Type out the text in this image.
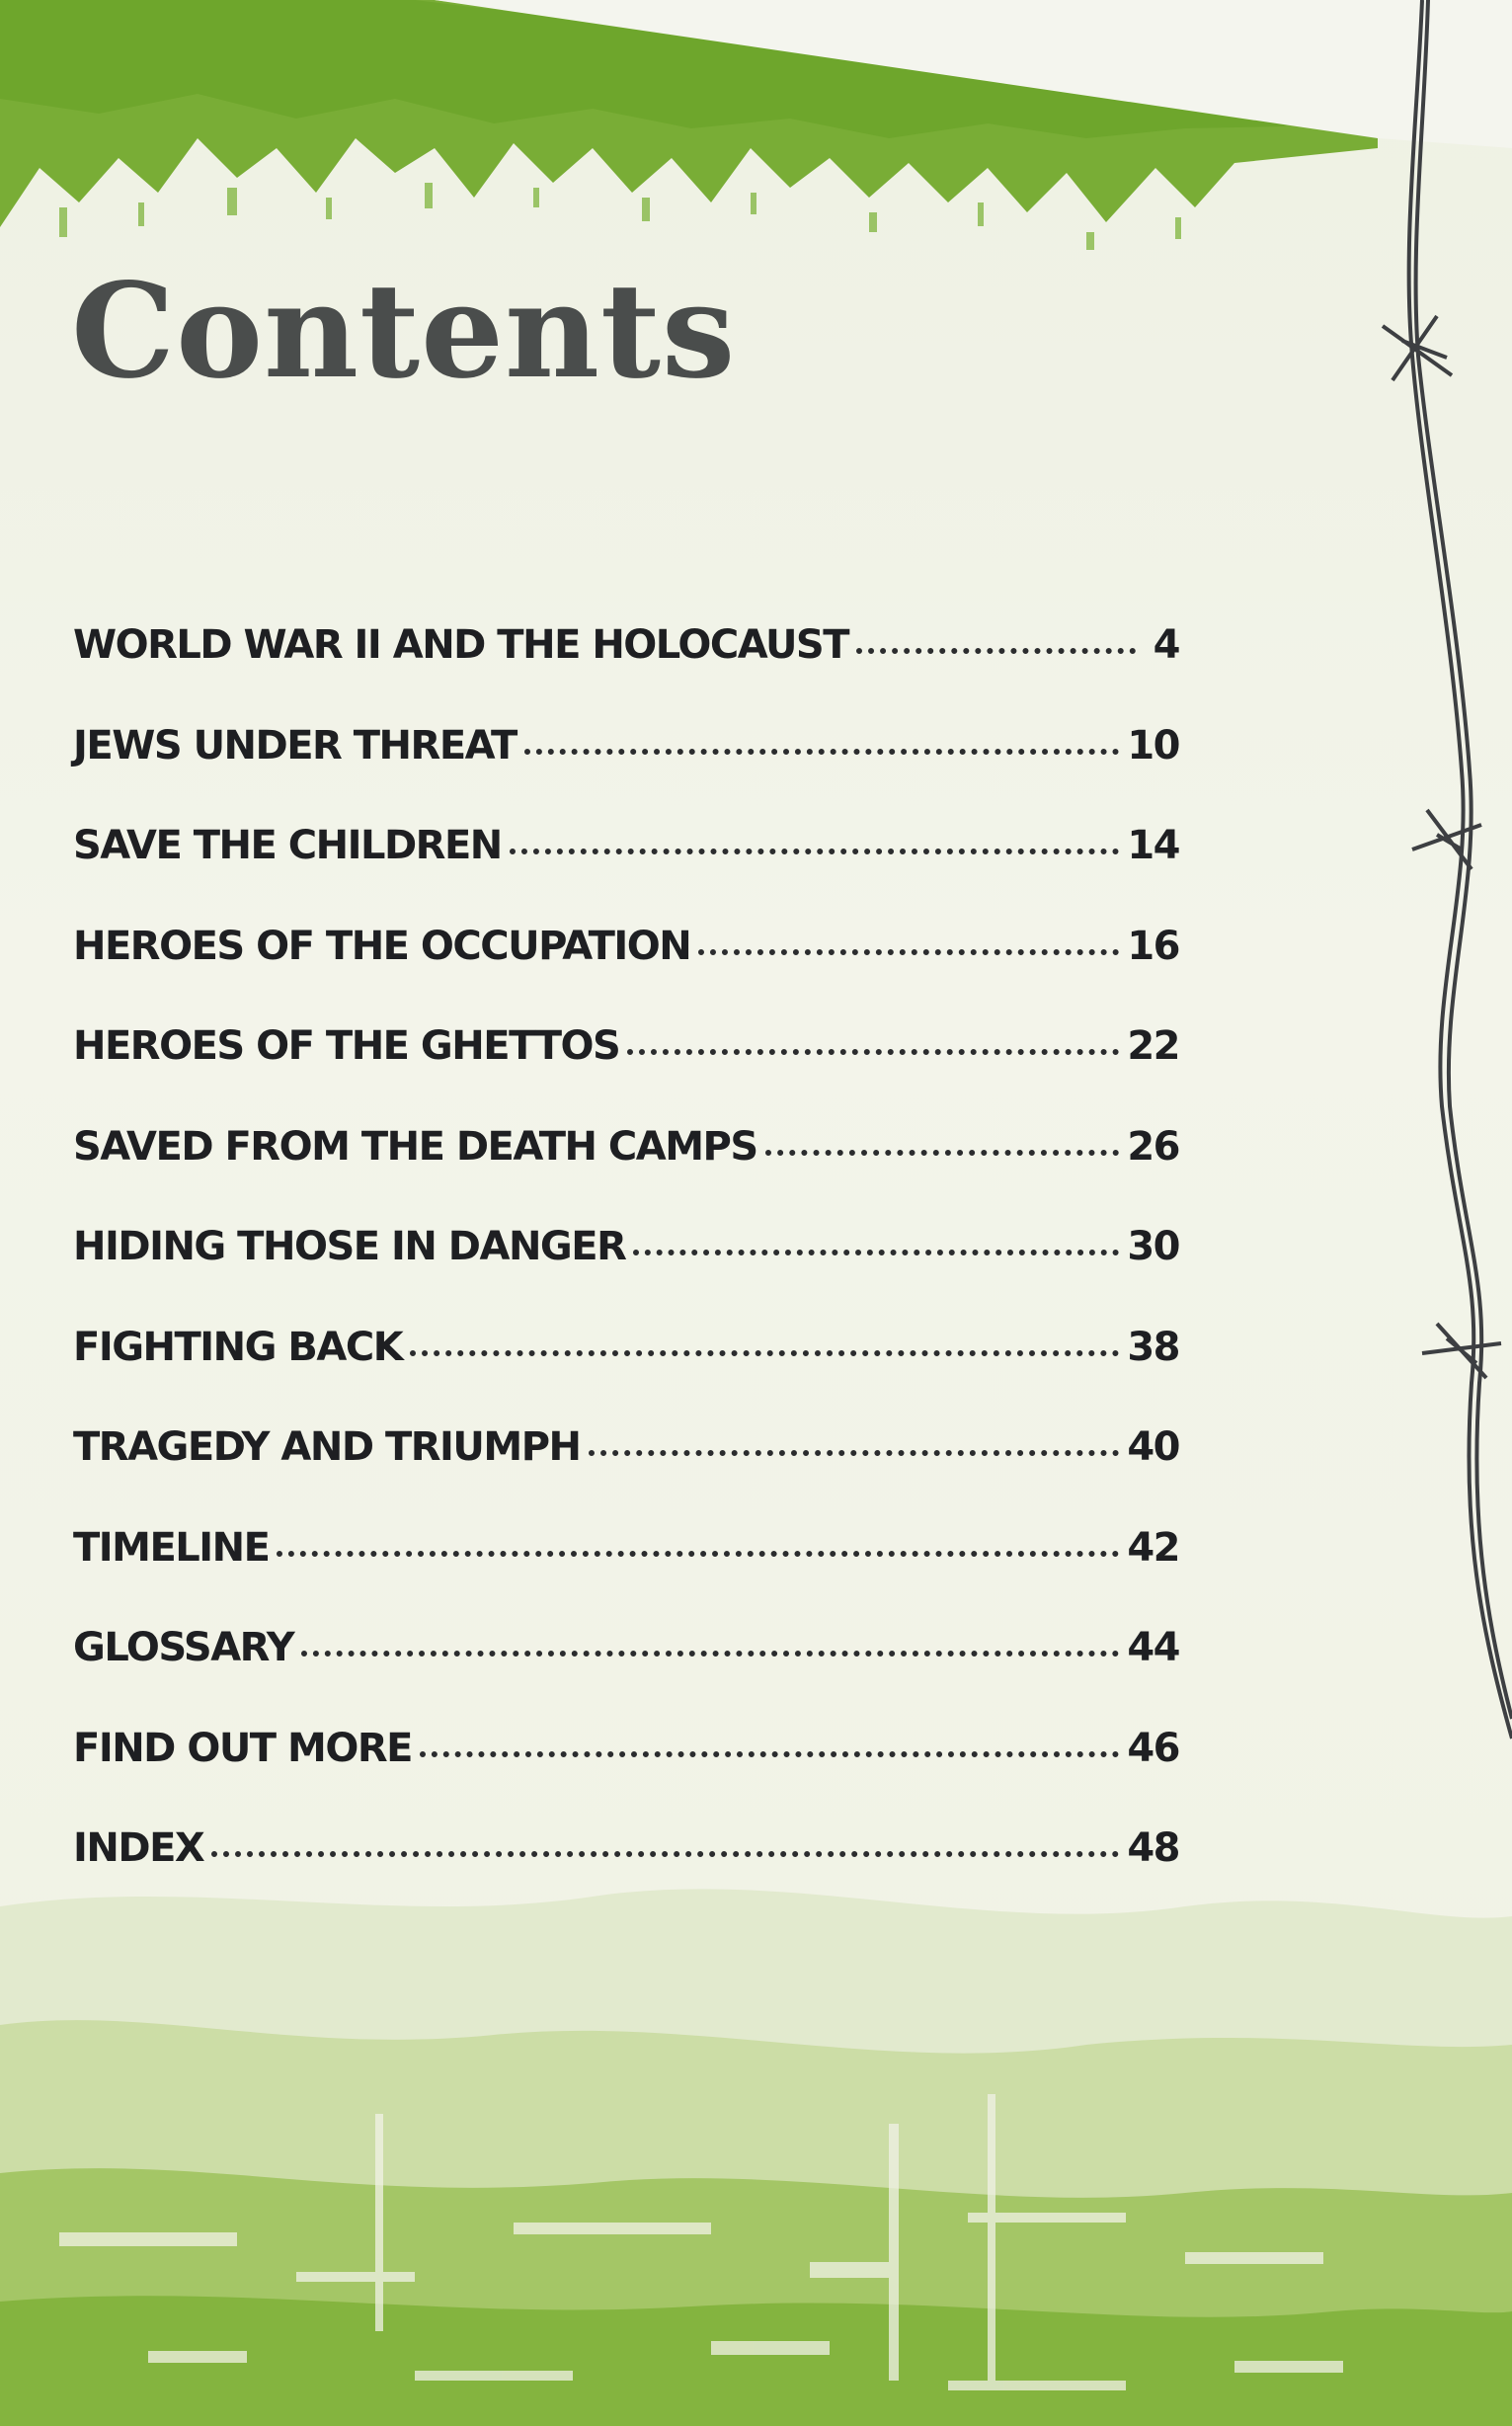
Contents
WORLD WAR II AND THE HOLOCAUST	4
JEWS UNDER THREAT	10
SAVE THE CHILDREN	14
HEROES OF THE OCCUPATION	16
HEROES OF THE GHETTOS	22
SAVED FROM THE DEATH CAMPS	26
HIDING THOSE IN DANGER	30
FIGHTING BACK	38
TRAGEDY AND TRIUMPH	40
TIMELINE	42
GLOSSARY	44
FIND OUT MORE	46
INDEX	48
